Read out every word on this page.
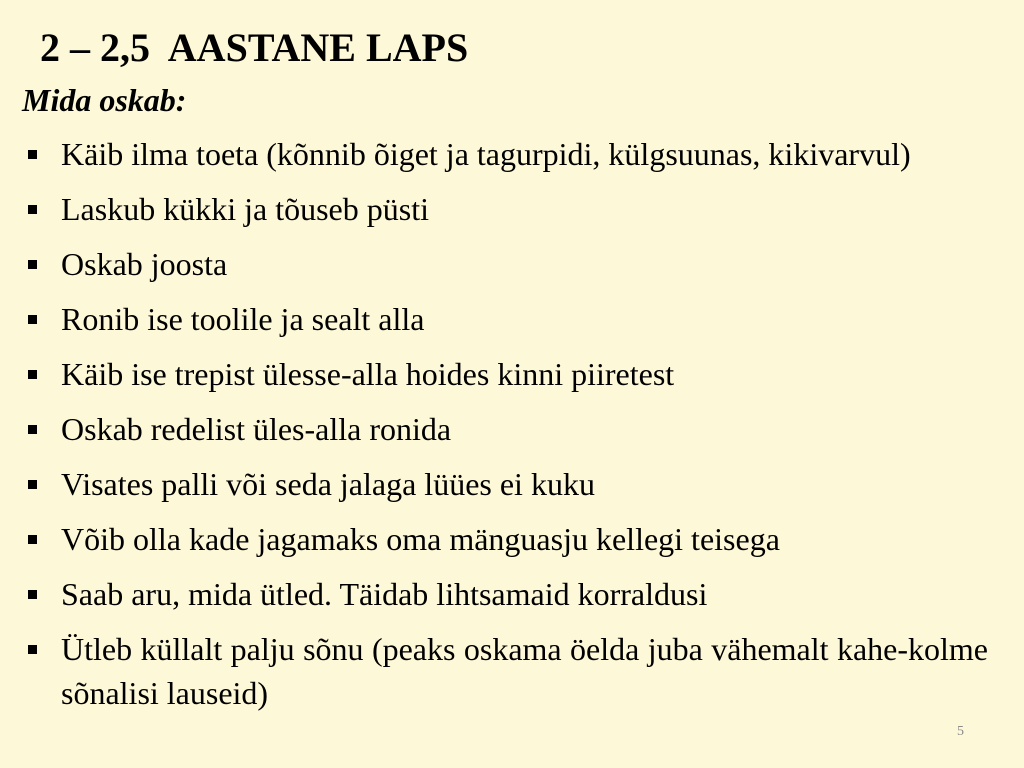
2 – 2,5  AASTANE LAPS

Mida oskab:

Käib ilma toeta (kõnnib õiget ja tagurpidi, külgsuunas, kikivarvul)
Laskub kükki ja tõuseb püsti
Oskab joosta
Ronib ise toolile ja sealt alla
Käib ise trepist ülesse-alla hoides kinni piiretest
Oskab redelist üles-alla ronida
Visates palli või seda jalaga lüües ei kuku
Võib olla kade jagamaks oma mänguasju kellegi teisega
Saab aru, mida ütled. Täidab lihtsamaid korraldusi
Ütleb küllalt palju sõnu (peaks oskama öelda juba vähemalt kahe-kolme sõnalisi lauseid)
5
